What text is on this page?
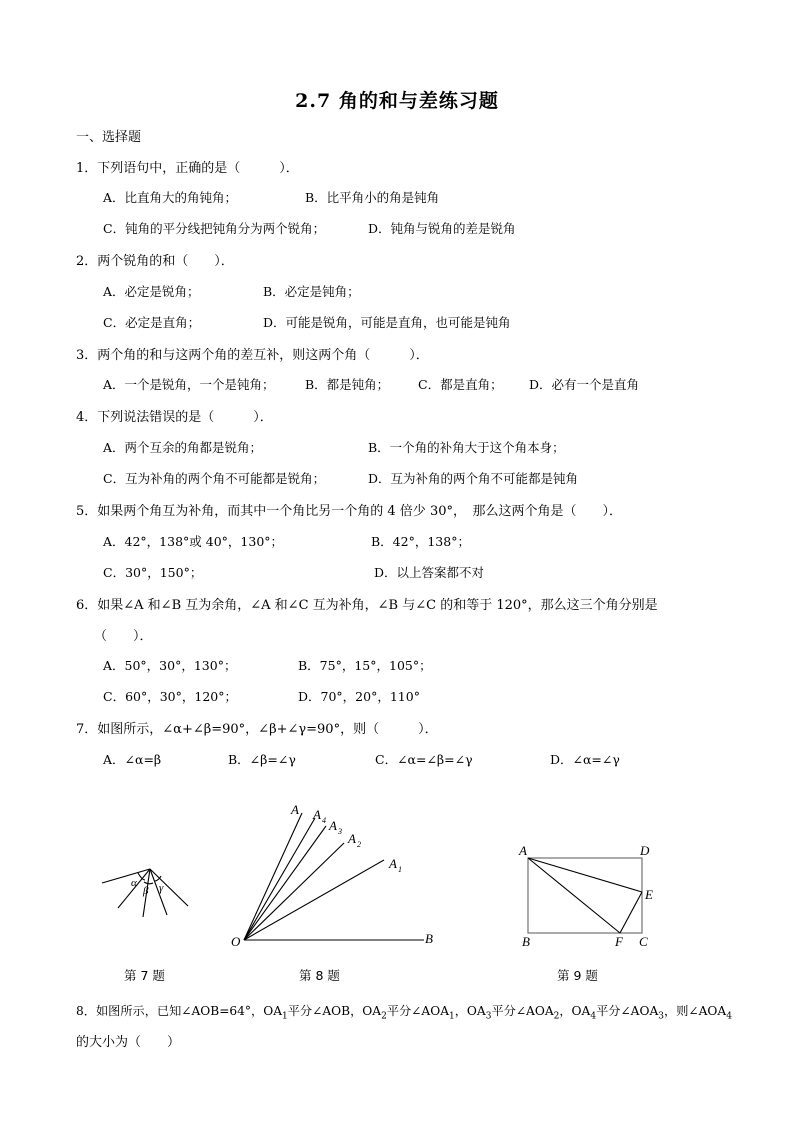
2.7 角的和与差练习题
一、选择题
1．下列语句中，正确的是（　　　）．
A．比直角大的角钝角；	B．比平角小的角是钝角
C．钝角的平分线把钝角分为两个锐角；	D．钝角与锐角的差是锐角
2．两个锐角的和（　　）．
A．必定是锐角；	B．必定是钝角；
C．必定是直角；	D．可能是锐角，可能是直角，也可能是钝角
3．两个角的和与这两个角的差互补，则这两个角（　　　）．
A．一个是锐角，一个是钝角； B．都是钝角； C．都是直角； D．必有一个是直角
4．下列说法错误的是（　　　）．
A．两个互余的角都是锐角；	B．一个角的补角大于这个角本身；
C．互为补角的两个角不可能都是锐角；	D．互为补角的两个角不可能都是钝角
5．如果两个角互为补角，而其中一个角比另一个角的 4 倍少 30°，　那么这两个角是（　　）．
A．42°，138°或 40°，130°；	B．42°，138°；
C．30°，150°；	D．以上答案都不对
6．如果∠A 和∠B 互为余角，∠A 和∠C 互为补角，∠B 与∠C 的和等于 120°，那么这三个角分别是
（　　）．
A．50°，30°，130°；	B．75°，15°，105°；
C．60°，30°，120°；	D．70°，20°，110°
7．如图所示，∠α+∠β=90°，∠β+∠γ=90°，则（　　　）．
A．∠α=β	B．∠β=∠γ	C．∠α=∠β=∠γ	D．∠α=∠γ
α
β γ
A A 4 A 3 A 2
A 1
O	B
A	D
E
B	F C
第 7 题	第 8 题	第 9 题
8．如图所示，已知∠AOB=64°，$OA_1$平分∠AOB，$OA_2$平分$\angle AOA_1$，$OA_3$平分$\angle AOA_2$，$OA_4$平分$\angle AOA_3$，则$\angle AOA_4$
的大小为（　　）
